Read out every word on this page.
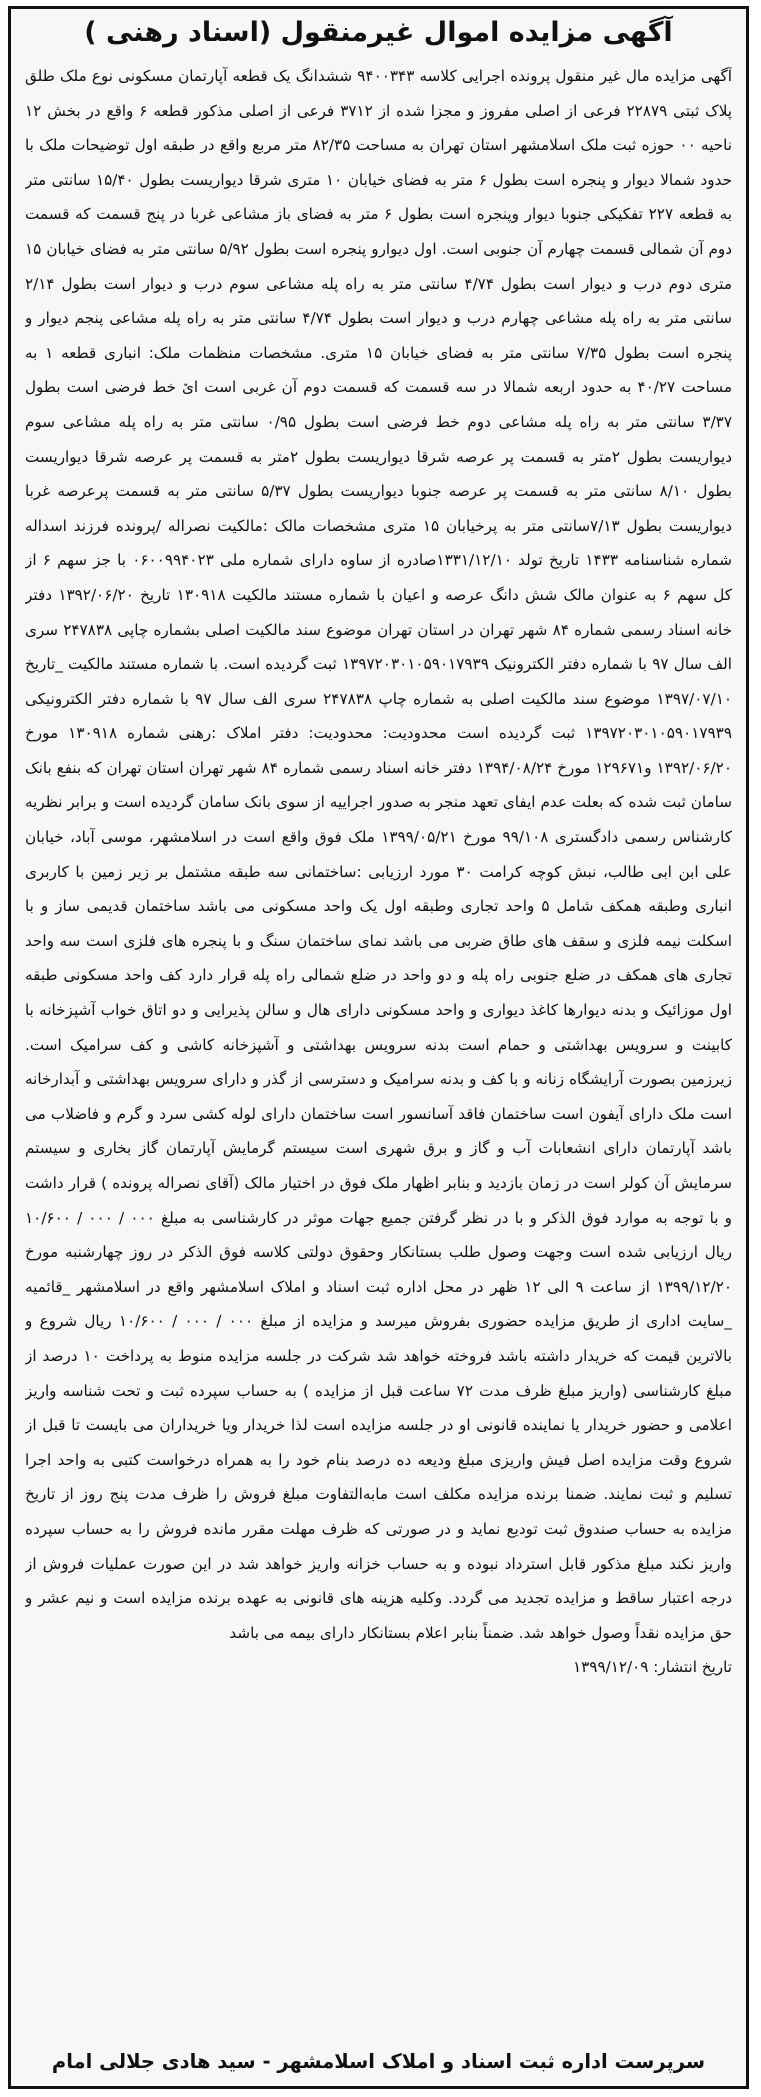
آگهی مزایده اموال غیرمنقول (اسناد رهنی )

آگهی مزایده مال غیر منقول پرونده اجرایی کلاسه ۹۴۰۰۳۴۳ ششدانگ یک قطعه آپارتمان مسکونی نوع ملک طلق پلاک ثبتی ۲۲۸۷۹ فرعی از اصلی مفروز و مجزا شده از ۳۷۱۲ فرعی از اصلی مذکور قطعه ۶ واقع در بخش ۱۲ ناحیه ۰۰ حوزه ثبت ملک اسلامشهر استان تهران به مساحت ۸۲/۳۵ متر مربع واقع در طبقه اول توضیحات ملک با حدود شمالا دیوار و پنجره است بطول ۶ متر به فضای خیابان ۱۰ متری شرقا دیواریست بطول ۱۵/۴۰ سانتی متر به قطعه ۲۲۷ تفکیکی جنوبا دیوار وپنجره است بطول ۶ متر به فضای باز مشاعی غربا در پنج قسمت که قسمت دوم آن شمالی قسمت چهارم آن جنوبی است. اول دیوارو پنجره است بطول ۵/۹۲ سانتی متر به فضای خیابان ۱۵ متری دوم درب و دیوار است بطول ۴/۷۴ سانتی متر به راه پله مشاعی سوم درب و دیوار است بطول ۲/۱۴ سانتی متر به راه پله مشاعی چهارم درب و دیوار است بطول ۴/۷۴ سانتی متر به راه پله مشاعی پنجم دیوار و پنجره است بطول ۷/۳۵ سانتی متر به فضای خیابان ۱۵ متری. مشخصات منظمات ملک: انباری قطعه ۱ به مساحت ۴۰/۲۷ به حدود اربعه شمالا در سه قسمت که قسمت دوم آن غربی است اێ خط فرضی است بطول ۳/۳۷ سانتی متر به راه پله مشاعی دوم خط فرضی است بطول ۰/۹۵ سانتی متر به راه پله مشاعی سوم دیواریست بطول ۲متر به قسمت پر عرصه شرقا دیواریست بطول ۲متر به قسمت پر عرصه شرقا دیواریست بطول ۸/۱۰ سانتی متر به قسمت پر عرصه جنوبا دیواریست بطول ۵/۳۷ سانتی متر به قسمت پرعرصه غربا دیواریست بطول ۷/۱۳سانتی متر به پرخیابان ۱۵ متری مشخصات مالک :مالکیت نصراله /پرونده فرزند اسداله شماره شناسنامه ۱۴۳۳ تاریخ تولد ۱۳۳۱/۱۲/۱۰صادره از ساوه دارای شماره ملی ۰۶۰۰۹۹۴۰۲۳ با جز سهم ۶ از کل سهم ۶ به عنوان مالک شش دانگ عرصه و اعیان با شماره مستند مالکیت ۱۳۰۹۱۸ تاریخ ۱۳۹۲/۰۶/۲۰ دفتر خانه اسناد رسمی شماره ۸۴ شهر تهران در استان تهران موضوع سند مالکیت اصلی بشماره چاپی ۲۴۷۸۳۸ سری الف سال ۹۷ با شماره دفتر الکترونیک ۱۳۹۷۲۰۳۰۱۰۵۹۰۱۷۹۳۹ ثبت گردیده است. با شماره مستند مالکیت _تاریخ ۱۳۹۷/۰۷/۱۰ موضوع سند مالکیت اصلی به شماره چاپ ۲۴۷۸۳۸ سری الف سال ۹۷ با شماره دفتر الکترونیکی ۱۳۹۷۲۰۳۰۱۰۵۹۰۱۷۹۳۹ ثبت گردیده است محدودیت: محدودیت: دفتر املاک :رهنی شماره ۱۳۰۹۱۸ مورخ ۱۳۹۲/۰۶/۲۰ و۱۲۹۶۷۱ مورخ ۱۳۹۴/۰۸/۲۴ دفتر خانه اسناد رسمی شماره ۸۴ شهر تهران استان تهران که بنفع بانک سامان ثبت شده که بعلت عدم ایفای تعهد منجر به صدور اجراییه از سوی بانک سامان گردیده است و برابر نظریه کارشناس رسمی دادگستری ۹۹/۱۰۸ مورخ ۱۳۹۹/۰۵/۲۱ ملک فوق واقع است در اسلامشهر، موسی آباد، خیابان علی ابن ابی طالب، نبش کوچه کرامت ۳۰ مورد ارزیابی :ساختمانی سه طبقه مشتمل بر زیر زمین با کاربری انباری وطبقه همکف شامل ۵ واحد تجاری وطبقه اول یک واحد مسکونی می باشد ساختمان قدیمی ساز و با اسکلت نیمه فلزی و سقف های طاق ضربی می باشد نمای ساختمان سنگ و با پنجره های فلزی است سه واحد تجاری های همکف در ضلع جنوبی راه پله و دو واحد در ضلع شمالی راه پله قرار دارد کف واحد مسکونی طبقه اول موزائیک و بدنه دیوارها کاغذ دیواری و واحد مسکونی دارای هال و سالن پذیرایی و دو اتاق خواب آشپزخانه با کابینت و سرویس بهداشتی و حمام است بدنه سرویس بهداشتی و آشپزخانه کاشی و کف سرامیک است. زیرزمین بصورت آرایشگاه زنانه و با کف و بدنه سرامیک و دسترسی از گذر و دارای سرویس بهداشتی و آبدارخانه است ملک دارای آیفون است ساختمان فاقد آسانسور است ساختمان دارای لوله کشی سرد و گرم و فاضلاب می باشد آپارتمان دارای انشعابات آب و گاز و برق شهری است سیستم گرمایش آپارتمان گاز بخاری و سیستم سرمایش آن کولر است در زمان بازدید و بنابر اظهار ملک فوق در اختیار مالک (آقای نصراله پرونده ) قرار داشت و با توجه به موارد فوق الذکر و با در نظر گرفتن جمیع جهات موثر در کارشناسی به مبلغ ۰۰۰ / ۰۰۰ / ۱۰/۶۰۰ ریال ارزیابی شده است وجهت وصول طلب بستانکار وحقوق دولتی کلاسه فوق الذکر در روز چهارشنبه مورخ ۱۳۹۹/۱۲/۲۰ از ساعت ۹ الی ۱۲ ظهر در محل اداره ثبت اسناد و املاک اسلامشهر واقع در اسلامشهر _قائمیه _سایت اداری از طریق مزایده حضوری بفروش میرسد و مزایده از مبلغ ۰۰۰ / ۰۰۰ / ۱۰/۶۰۰ ریال شروع و بالاترین قیمت که خریدار داشته باشد فروخته خواهد شد شرکت در جلسه مزایده منوط به پرداخت ۱۰ درصد از مبلغ کارشناسی (واریز مبلغ ظرف مدت ۷۲ ساعت قبل از مزایده ) به حساب سپرده ثبت و تحت شناسه واریز اعلامی و حضور خریدار یا نماینده قانونی او در جلسه مزایده است لذا خریدار ویا خریداران می بایست تا قبل از شروع وقت مزایده اصل فیش واریزی مبلغ ودیعه ده درصد بنام خود را به همراه درخواست کتبی به واحد اجرا تسلیم و ثبت نمایند. ضمنا برنده مزایده مکلف است مابه‌التفاوت مبلغ فروش را ظرف مدت پنج روز از تاریخ مزایده به حساب صندوق ثبت تودیع نماید و در صورتی که ظرف مهلت مقرر مانده فروش را به حساب سپرده واریز نکند مبلغ مذکور قابل استرداد نبوده و به حساب خزانه واریز خواهد شد در این صورت عملیات فروش از درجه اعتبار ساقط و مزایده تجدید می گردد. وکلیه هزینه های قانونی به عهده برنده مزایده است و نیم عشر و حق مزایده نقداً وصول خواهد شد. ضمناً بنابر اعلام بستانکار دارای بیمه می باشد

تاریخ انتشار: ۱۳۹۹/۱۲/۰۹

سرپرست اداره ثبت اسناد و املاک اسلامشهر - سید هادی جلالی امام
